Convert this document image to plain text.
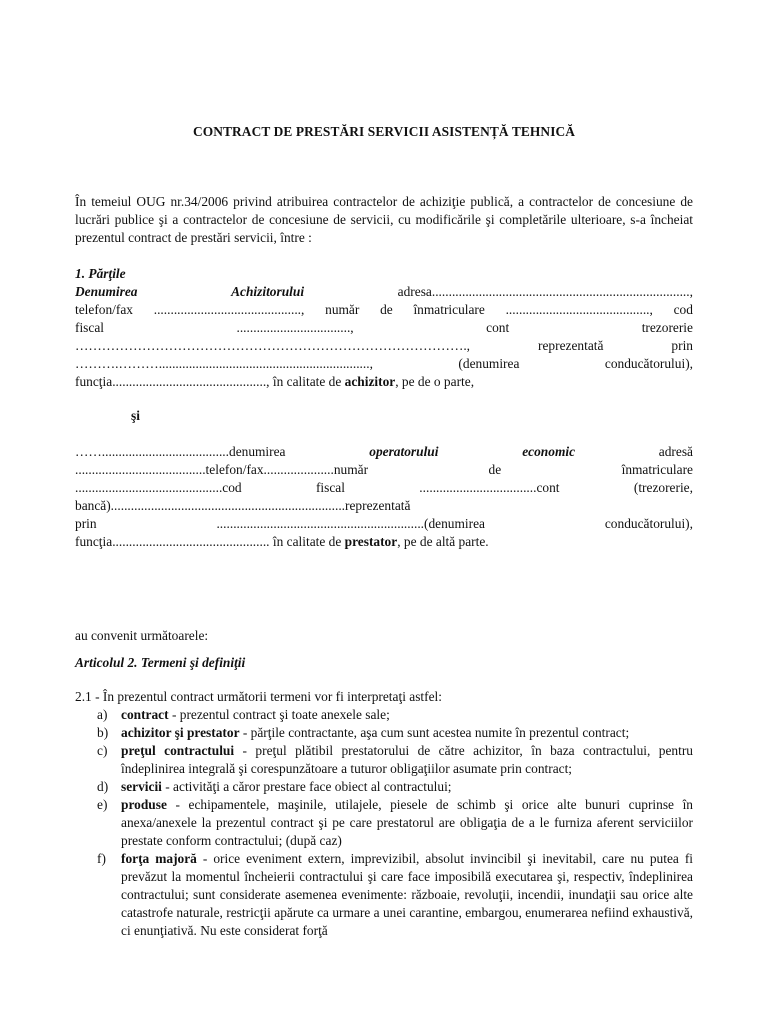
CONTRACT DE PRESTĂRI SERVICII ASISTENȚĂ TEHNICĂ
În temeiul OUG nr.34/2006 privind atribuirea contractelor de achiziţie publică, a contractelor de concesiune de lucrări publice şi a contractelor de concesiune de servicii, cu modificările şi completările ulterioare, s-a încheiat prezentul contract de prestări servicii, între :
1. Părţile
Denumirea	Achizitorului	adresa.............................................................................,
telefon/fax ............................................, număr de înmatriculare ..........................................., cod
fiscal	..................................,	cont	trezorerie
…………………………………………………………………………….,	reprezentată	prin
……….………...............................................................,	(denumirea	conducătorului),
funcţia.............................................., în calitate de achizitor, pe de o parte,
şi
……......................................denumirea	operatorului	economic	adresă
.......................................telefon/fax.....................număr	de	înmatriculare
............................................cod	fiscal	...................................cont	(trezorerie,
bancă)......................................................................reprezentată
prin	..............................................................(denumirea	conducătorului),
funcţia............................................... în calitate de prestator, pe de altă parte.
au convenit următoarele:
Articolul 2. Termeni şi definiţii
2.1 - În prezentul contract următorii termeni vor fi interpretaţi astfel:
a) contract - prezentul contract şi toate anexele sale;
b) achizitor şi prestator - părţile contractante, aşa cum sunt acestea numite în prezentul contract;
c) preţul contractului - preţul plătibil prestatorului de către achizitor, în baza contractului, pentru îndeplinirea integrală şi corespunzătoare a tuturor obligaţiilor asumate prin contract;
d) servicii - activităţi a căror prestare face obiect al contractului;
e) produse - echipamentele, maşinile, utilajele, piesele de schimb şi orice alte bunuri cuprinse în anexa/anexele la prezentul contract şi pe care prestatorul are obligaţia de a le furniza aferent serviciilor prestate conform contractului; (după caz)
f) forţa majoră - orice eveniment extern, imprevizibil, absolut invincibil şi inevitabil, care nu putea fi prevăzut la momentul încheierii contractului şi care face imposibilă executarea şi, respectiv, îndeplinirea contractului; sunt considerate asemenea evenimente: războaie, revoluţii, incendii, inundaţii sau orice alte catastrofe naturale, restricţii apărute ca urmare a unei carantine, embargou, enumerarea nefiind exhaustivă, ci enunţiativă. Nu este considerat forţă
